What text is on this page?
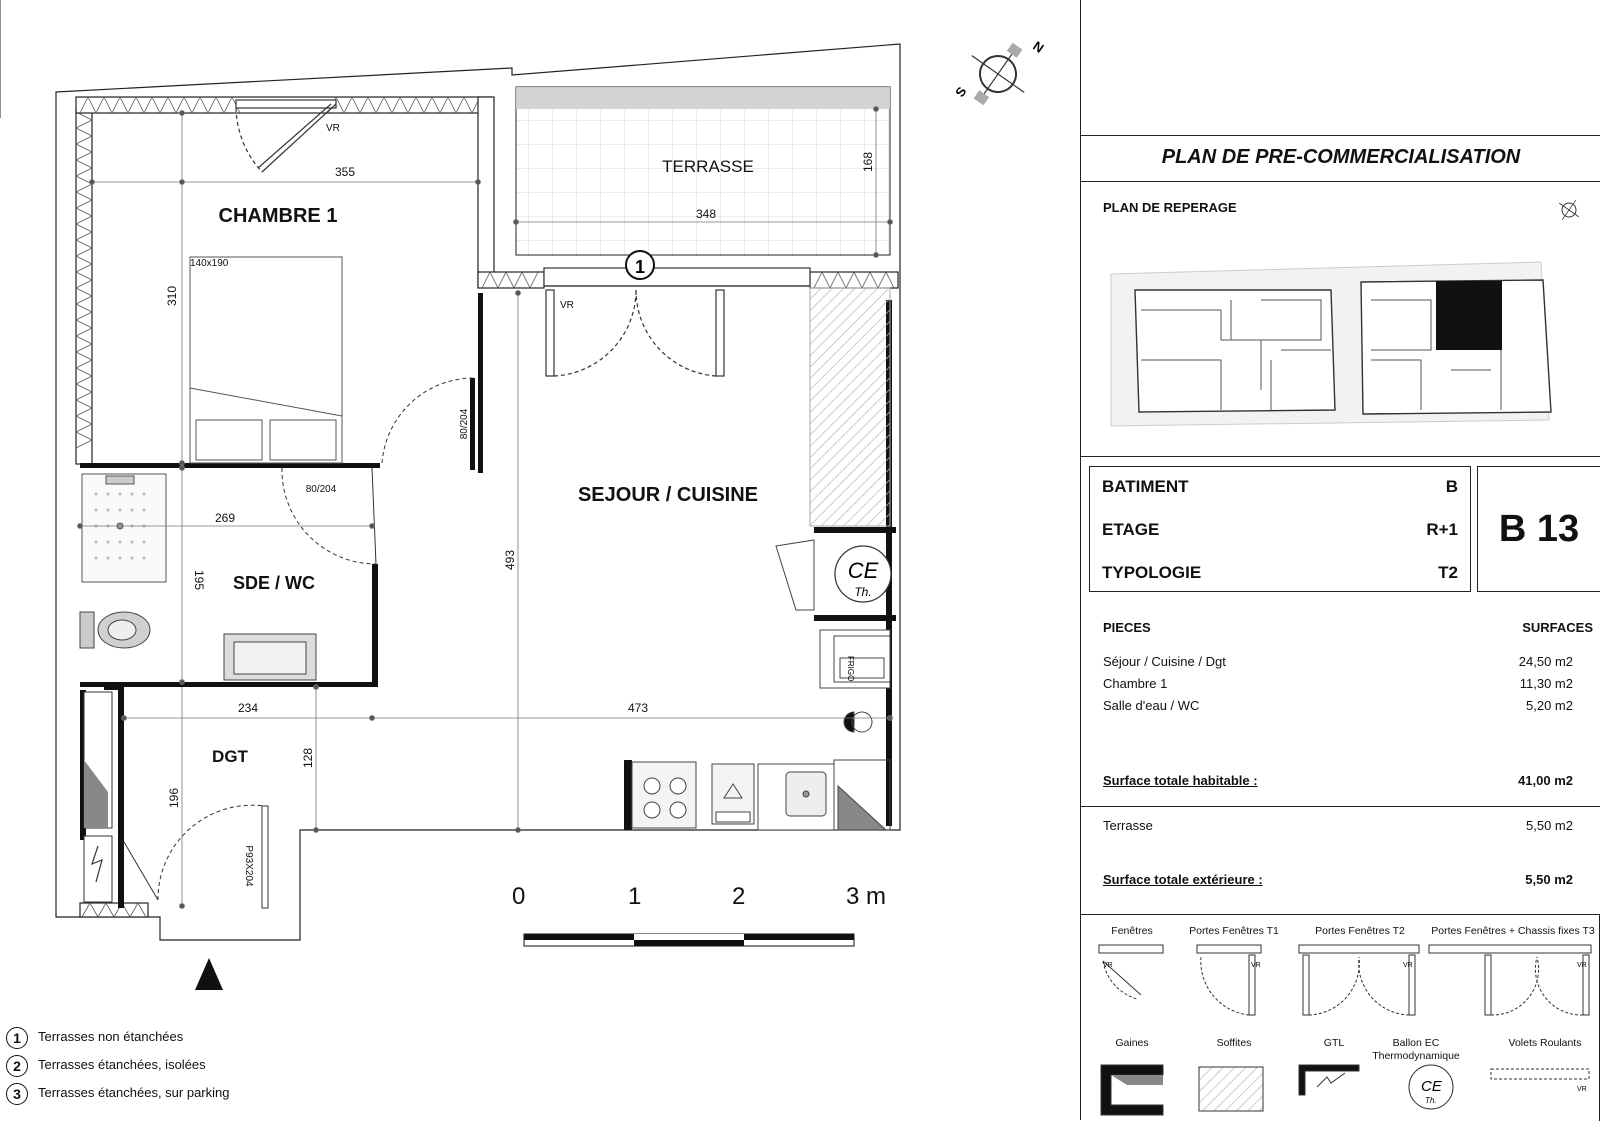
1
CE
Th.
FRIGO
355
310
140x190
348
168
80/204
80/204
269
195
493
234	473
128
196
P93X204
VR
VR
CHAMBRE 1
TERRASSE
SEJOUR / CUISINE
SDE / WC
DGT
N
S
0	1	2	3 m
1 Terrasses non étanchées
2 Terrasses étanchées, isolées
3 Terrasses étanchées, sur parking
PLAN DE PRE-COMMERCIALISATION
PLAN DE REPERAGE
BATIMENT	B
ETAGE	R+1
TYPOLOGIE	T2
B 13
PIECES	SURFACES
Séjour / Cuisine / Dgt	24,50 m2
Chambre 1	11,30 m2
Salle d'eau / WC	5,20 m2
Surface totale habitable :	41,00 m2
Terrasse	5,50 m2
Surface totale extérieure :	5,50 m2
Fenêtres	Portes Fenêtres T1	Portes Fenêtres T2	Portes Fenêtres + Chassis fixes T3
Gaines	Soffites	GTL	Ballon EC Thermodynamique
Volets Roulants
CE
Th.
VR	VR	VR	VR
VR
